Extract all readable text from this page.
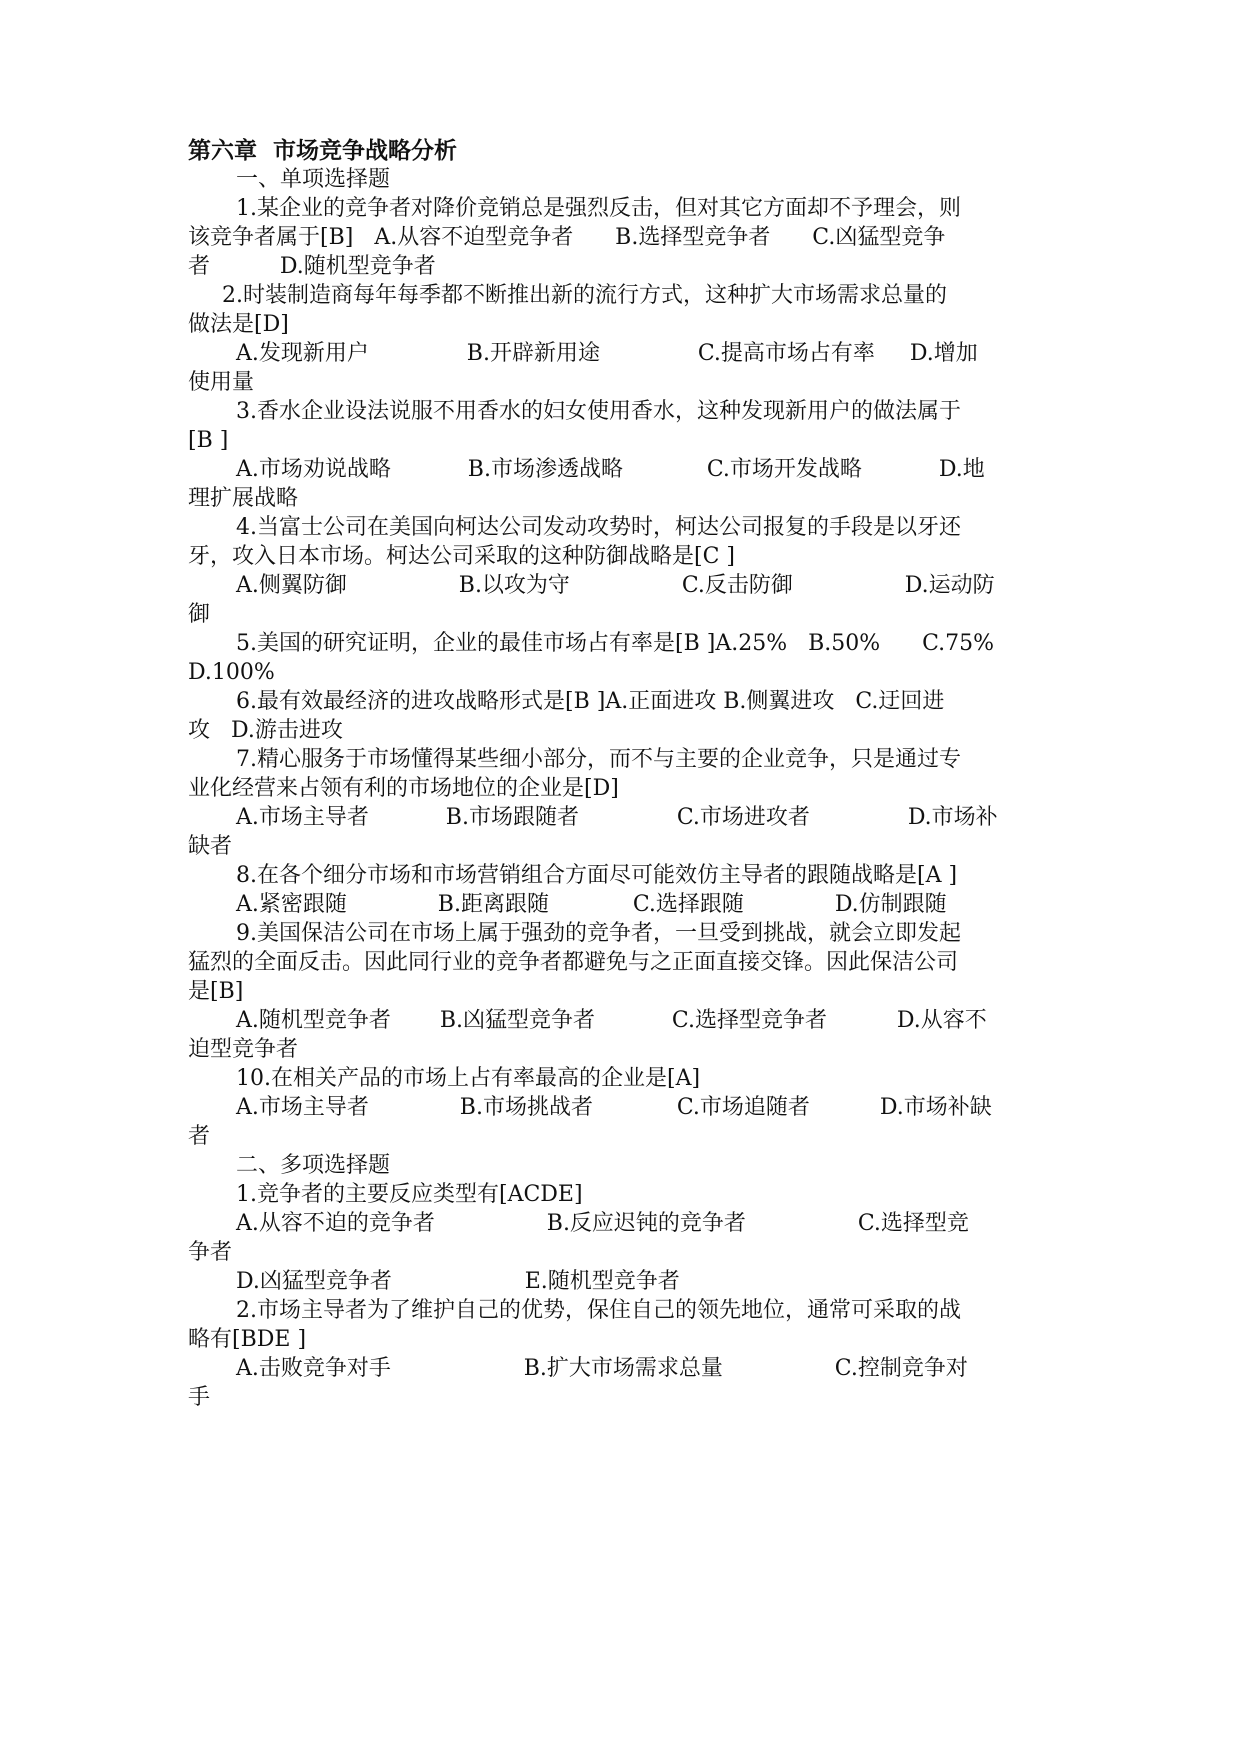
第六章  市场竞争战略分析

一、单项选择题

1.某企业的竞争者对降价竞销总是强烈反击，但对其它方面却不予理会，则

该竞争者属于[B]   A.从容不迫型竞争者      B.选择型竞争者      C.凶猛型竞争

者          D.随机型竞争者

2.时装制造商每年每季都不断推出新的流行方式，这种扩大市场需求总量的

做法是[D]

A.发现新用户              B.开辟新用途              C.提高市场占有率     D.增加

使用量

3.香水企业设法说服不用香水的妇女使用香水，这种发现新用户的做法属于

[B ]

A.市场劝说战略           B.市场渗透战略            C.市场开发战略           D.地

理扩展战略

4.当富士公司在美国向柯达公司发动攻势时，柯达公司报复的手段是以牙还

牙，攻入日本市场。柯达公司采取的这种防御战略是[C ]

A.侧翼防御                B.以攻为守                C.反击防御                D.运动防

御

5.美国的研究证明，企业的最佳市场占有率是[B ]A.25%   B.50%      C.75%

D.100%

6.最有效最经济的进攻战略形式是[B ]A.正面进攻 B.侧翼进攻   C.迂回进

攻   D.游击进攻

7.精心服务于市场懂得某些细小部分，而不与主要的企业竞争，只是通过专

业化经营来占领有利的市场地位的企业是[D]

A.市场主导者           B.市场跟随者              C.市场进攻者              D.市场补

缺者

8.在各个细分市场和市场营销组合方面尽可能效仿主导者的跟随战略是[A ]

A.紧密跟随             B.距离跟随            C.选择跟随             D.仿制跟随

9.美国保洁公司在市场上属于强劲的竞争者，一旦受到挑战，就会立即发起

猛烈的全面反击。因此同行业的竞争者都避免与之正面直接交锋。因此保洁公司

是[B]

A.随机型竞争者       B.凶猛型竞争者           C.选择型竞争者          D.从容不

迫型竞争者

10.在相关产品的市场上占有率最高的企业是[A]

A.市场主导者             B.市场挑战者            C.市场追随者          D.市场补缺

者

二、多项选择题

1.竞争者的主要反应类型有[ACDE]

A.从容不迫的竞争者                B.反应迟钝的竞争者                C.选择型竞

争者

D.凶猛型竞争者                   E.随机型竞争者

2.市场主导者为了维护自己的优势，保住自己的领先地位，通常可采取的战

略有[BDE ]

A.击败竞争对手                   B.扩大市场需求总量                C.控制竞争对

手
